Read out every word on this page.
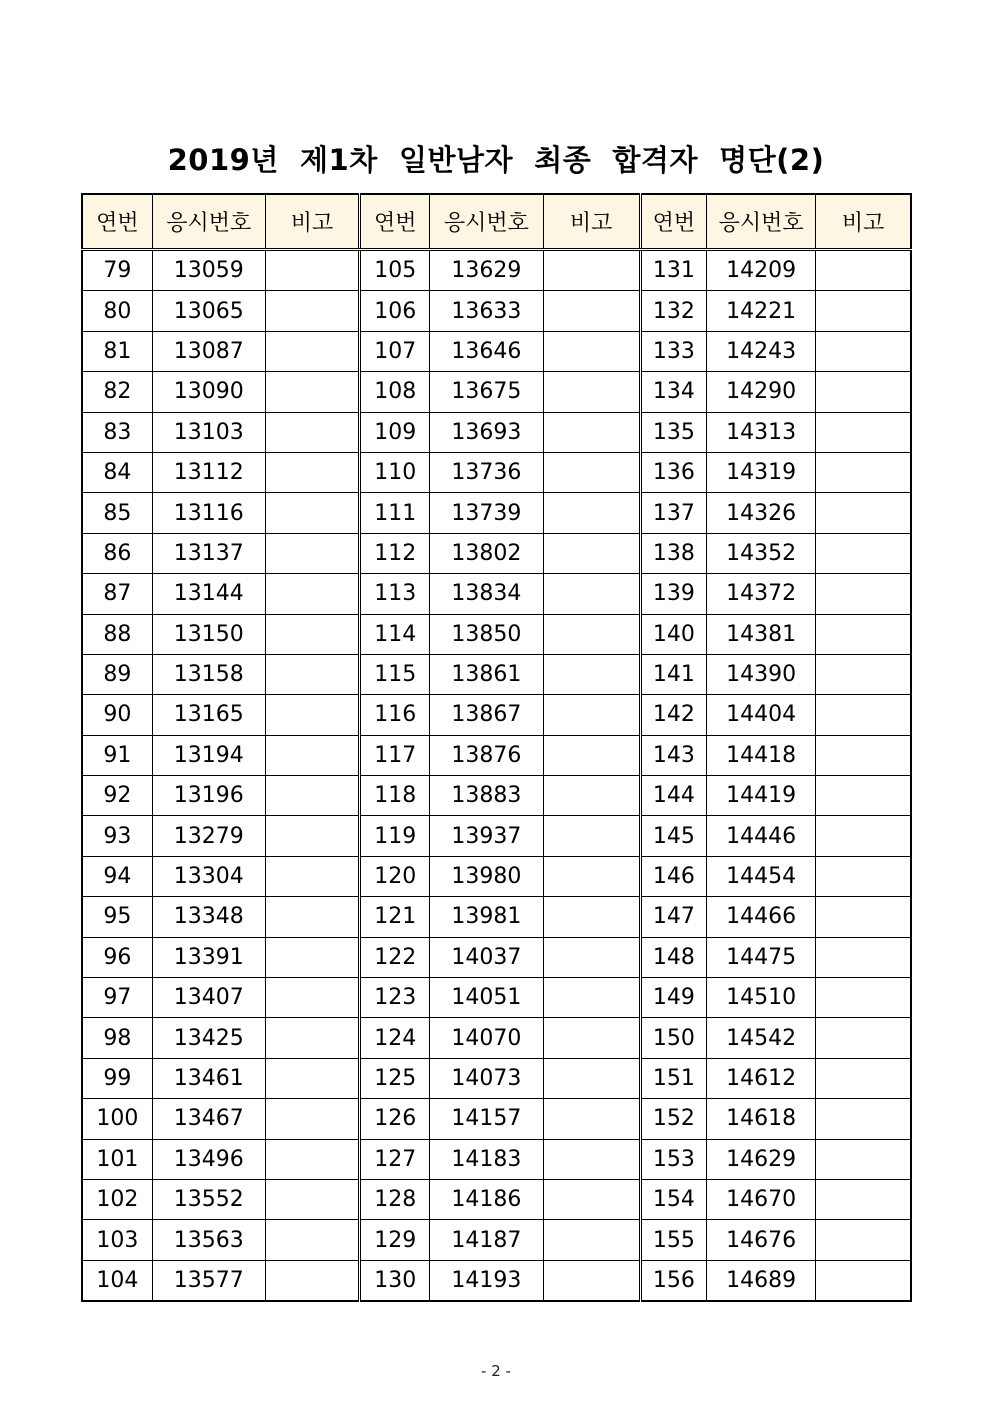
2019년  제1차  일반남자  최종  합격자  명단(2)
연번	응시번호	비고	연번	응시번호	비고	연번	응시번호	비고
79	13059		105	13629		131	14209	
80	13065		106	13633		132	14221	
81	13087		107	13646		133	14243	
82	13090		108	13675		134	14290	
83	13103		109	13693		135	14313	
84	13112		110	13736		136	14319	
85	13116		111	13739		137	14326	
86	13137		112	13802		138	14352	
87	13144		113	13834		139	14372	
88	13150		114	13850		140	14381	
89	13158		115	13861		141	14390	
90	13165		116	13867		142	14404	
91	13194		117	13876		143	14418	
92	13196		118	13883		144	14419	
93	13279		119	13937		145	14446	
94	13304		120	13980		146	14454	
95	13348		121	13981		147	14466	
96	13391		122	14037		148	14475	
97	13407		123	14051		149	14510	
98	13425		124	14070		150	14542	
99	13461		125	14073		151	14612	
100	13467		126	14157		152	14618	
101	13496		127	14183		153	14629	
102	13552		128	14186		154	14670	
103	13563		129	14187		155	14676	
104	13577		130	14193		156	14689	
- 2 -
